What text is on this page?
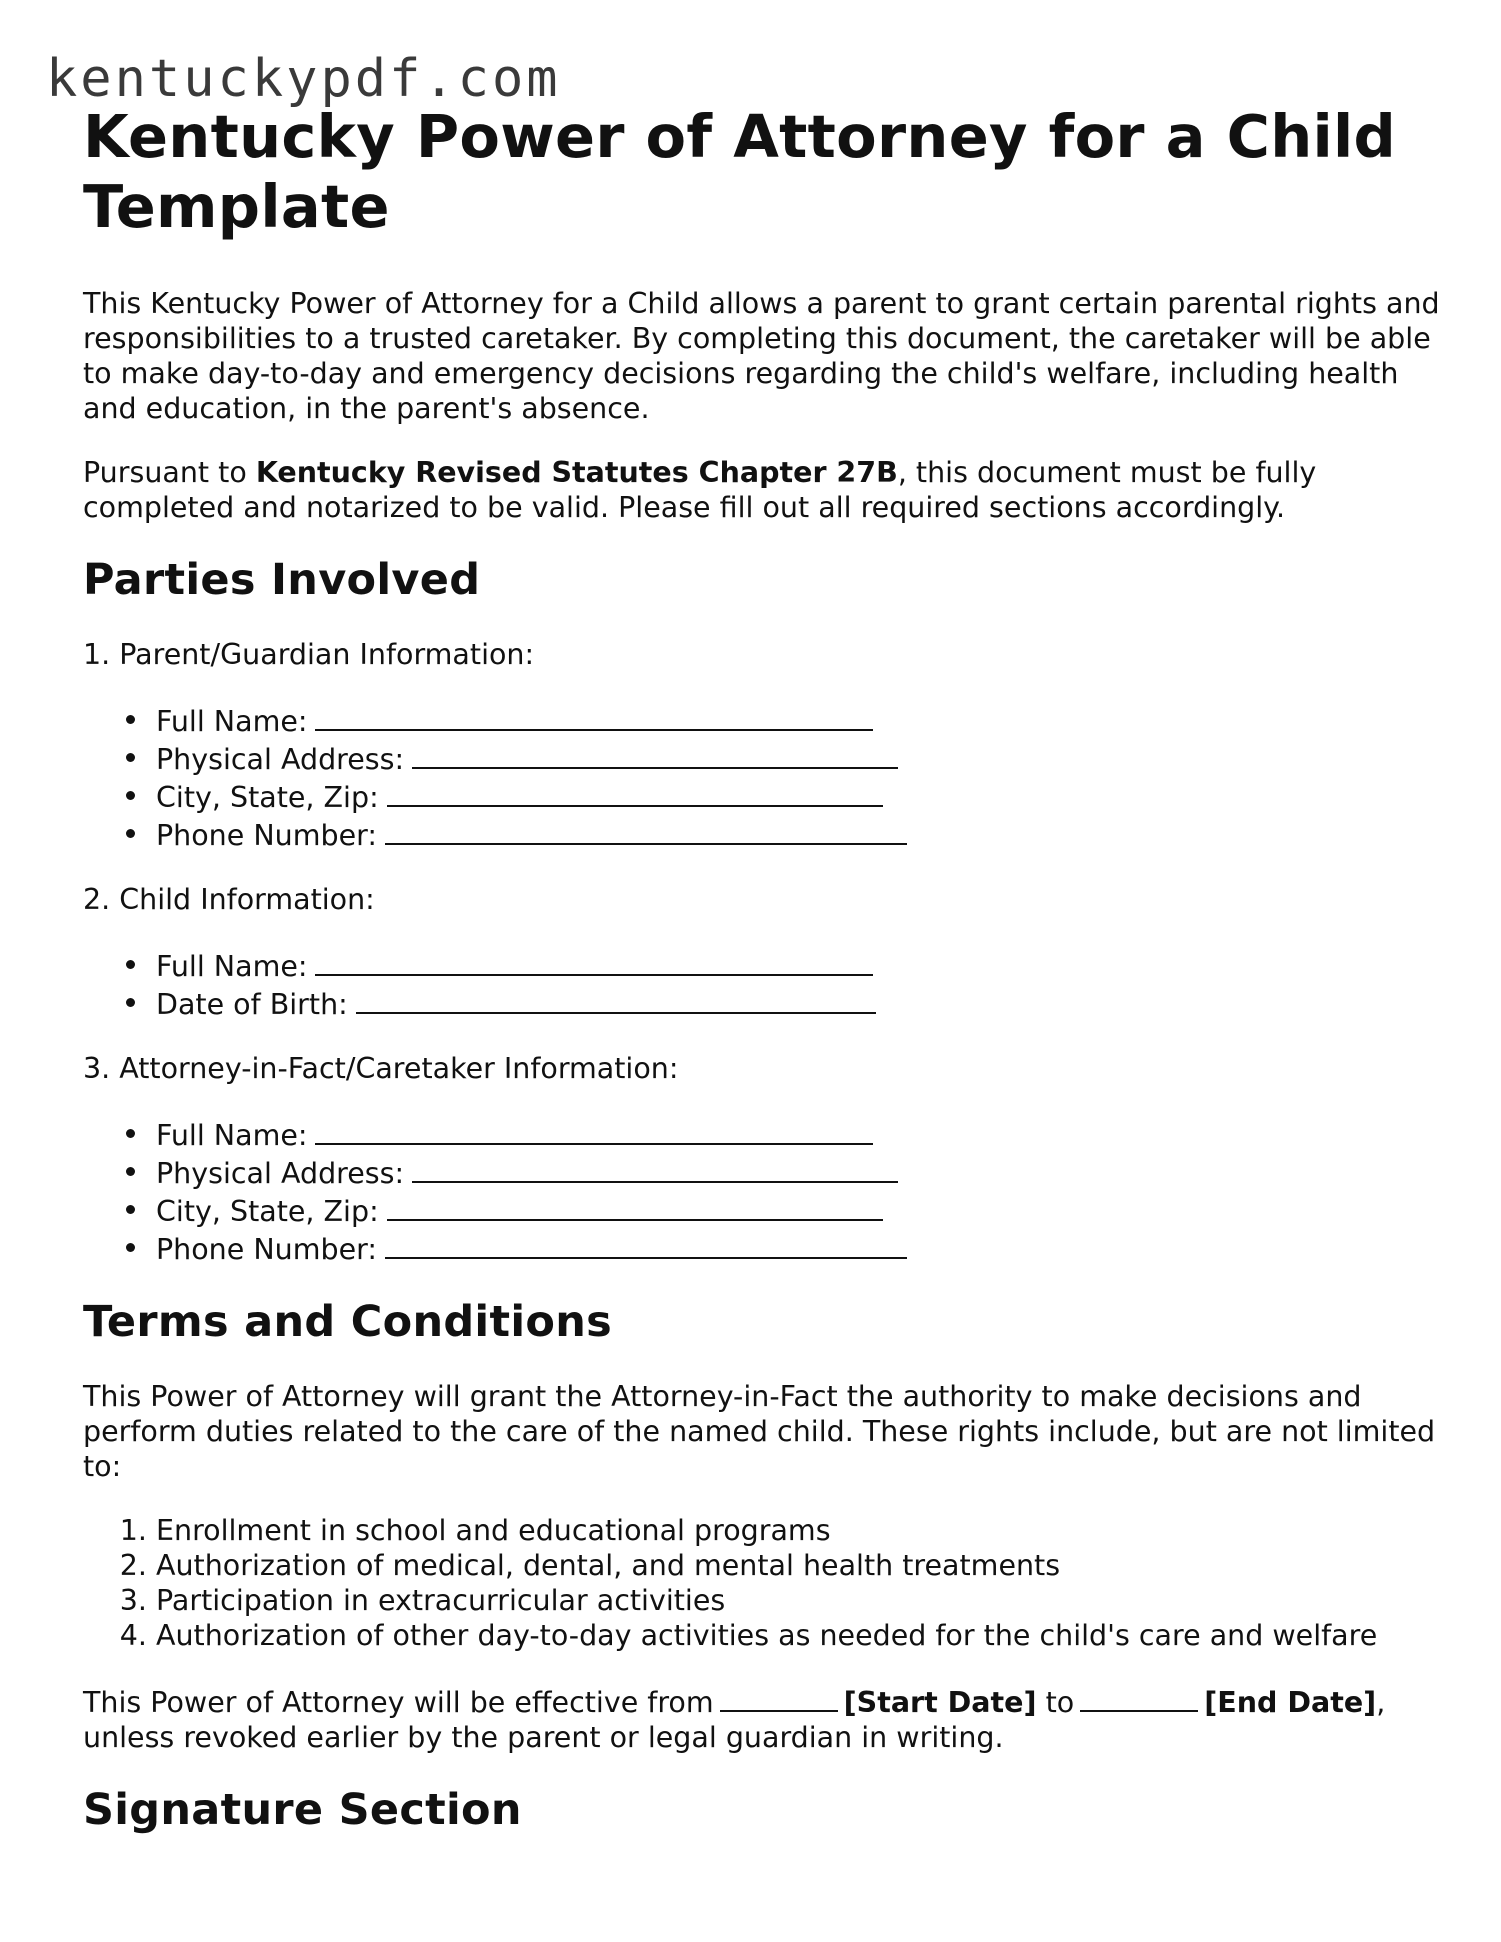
kentuckypdf.com
Kentucky Power of Attorney for a Child Template

This Kentucky Power of Attorney for a Child allows a parent to grant certain parental rights and responsibilities to a trusted caretaker. By completing this document, the caretaker will be able to make day-to-day and emergency decisions regarding the child's welfare, including health and education, in the parent's absence.

Pursuant to Kentucky Revised Statutes Chapter 27B, this document must be fully completed and notarized to be valid. Please fill out all required sections accordingly.

Parties Involved
1. Parent/Guardian Information:
Full Name:
Physical Address:
City, State, Zip:
Phone Number:
2. Child Information:
Full Name:
Date of Birth:
3. Attorney-in-Fact/Caretaker Information:
Full Name:
Physical Address:
City, State, Zip:
Phone Number:
Terms and Conditions

This Power of Attorney will grant the Attorney-in-Fact the authority to make decisions and perform duties related to the care of the named child. These rights include, but are not limited to:

1. Enrollment in school and educational programs
2. Authorization of medical, dental, and mental health treatments
3. Participation in extracurricular activities
4. Authorization of other day-to-day activities as needed for the child's care and welfare

This Power of Attorney will be effective from	[Start Date] to	[End Date], unless revoked earlier by the parent or legal guardian in writing.

Signature Section
